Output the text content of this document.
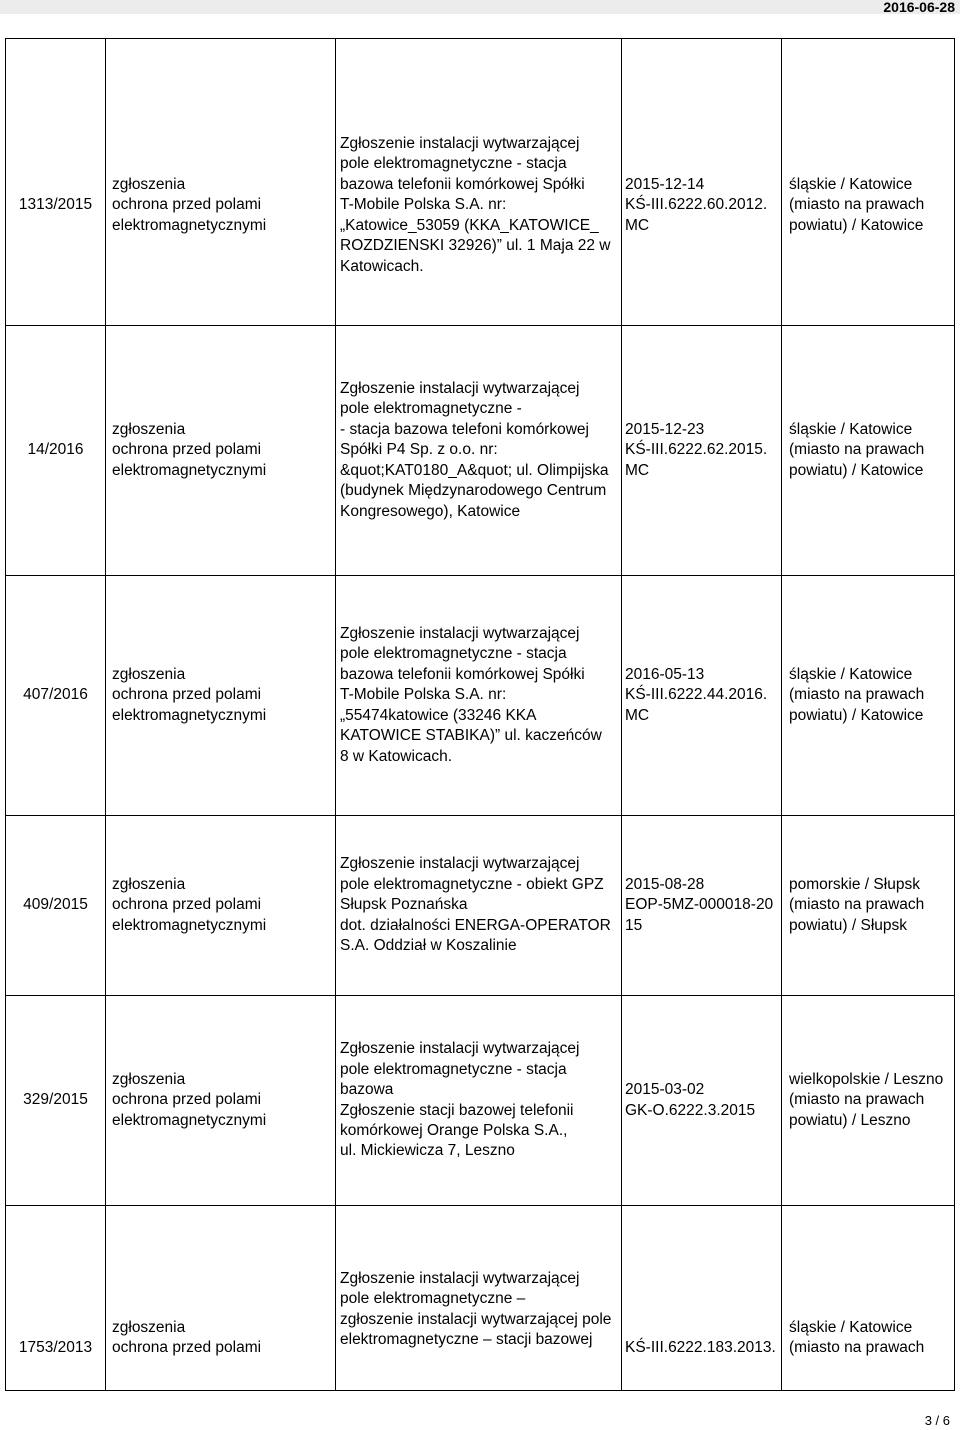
2016-06-28
1313/2015
zgłoszenia
ochrona przed polami
elektromagnetycznymi
Zgłoszenie instalacji wytwarzającej
pole elektromagnetyczne - stacja
bazowa telefonii komórkowej Spółki
T-Mobile Polska S.A. nr:
„Katowice_53059 (KKA_KATOWICE_
ROZDZIENSKI 32926)” ul. 1 Maja 22 w
Katowicach.
2015-12-14
KŚ-III.6222.60.2012.
MC
śląskie / Katowice
(miasto na prawach
powiatu) / Katowice
14/2016
zgłoszenia
ochrona przed polami
elektromagnetycznymi
Zgłoszenie instalacji wytwarzającej
pole elektromagnetyczne -
- stacja bazowa telefoni komórkowej
Spółki P4 Sp. z o.o. nr:
&quot;KAT0180_A&quot; ul. Olimpijska
(budynek Międzynarodowego Centrum
Kongresowego), Katowice
2015-12-23
KŚ-III.6222.62.2015.
MC
śląskie / Katowice
(miasto na prawach
powiatu) / Katowice
407/2016
zgłoszenia
ochrona przed polami
elektromagnetycznymi
Zgłoszenie instalacji wytwarzającej
pole elektromagnetyczne - stacja
bazowa telefonii komórkowej Spółki
T-Mobile Polska S.A. nr:
„55474katowice (33246 KKA
KATOWICE STABIKA)” ul. kaczeńców
8 w Katowicach.
2016-05-13
KŚ-III.6222.44.2016.
MC
śląskie / Katowice
(miasto na prawach
powiatu) / Katowice
409/2015
zgłoszenia
ochrona przed polami
elektromagnetycznymi
Zgłoszenie instalacji wytwarzającej
pole elektromagnetyczne - obiekt GPZ
Słupsk Poznańska
dot. działalności ENERGA-OPERATOR
S.A. Oddział w Koszalinie
2015-08-28
EOP-5MZ-000018-20
15
pomorskie / Słupsk
(miasto na prawach
powiatu) / Słupsk
329/2015
zgłoszenia
ochrona przed polami
elektromagnetycznymi
Zgłoszenie instalacji wytwarzającej
pole elektromagnetyczne - stacja
bazowa
Zgłoszenie stacji bazowej telefonii
komórkowej Orange Polska S.A.,
ul. Mickiewicza 7, Leszno
2015-03-02
GK-O.6222.3.2015
wielkopolskie / Leszno
(miasto na prawach
powiatu) / Leszno
1753/2013
zgłoszenia
ochrona przed polami
Zgłoszenie instalacji wytwarzającej
pole elektromagnetyczne –
zgłoszenie instalacji wytwarzającej pole
elektromagnetyczne – stacji bazowej	KŚ-III.6222.183.2013.
śląskie / Katowice
(miasto na prawach
3 / 6
